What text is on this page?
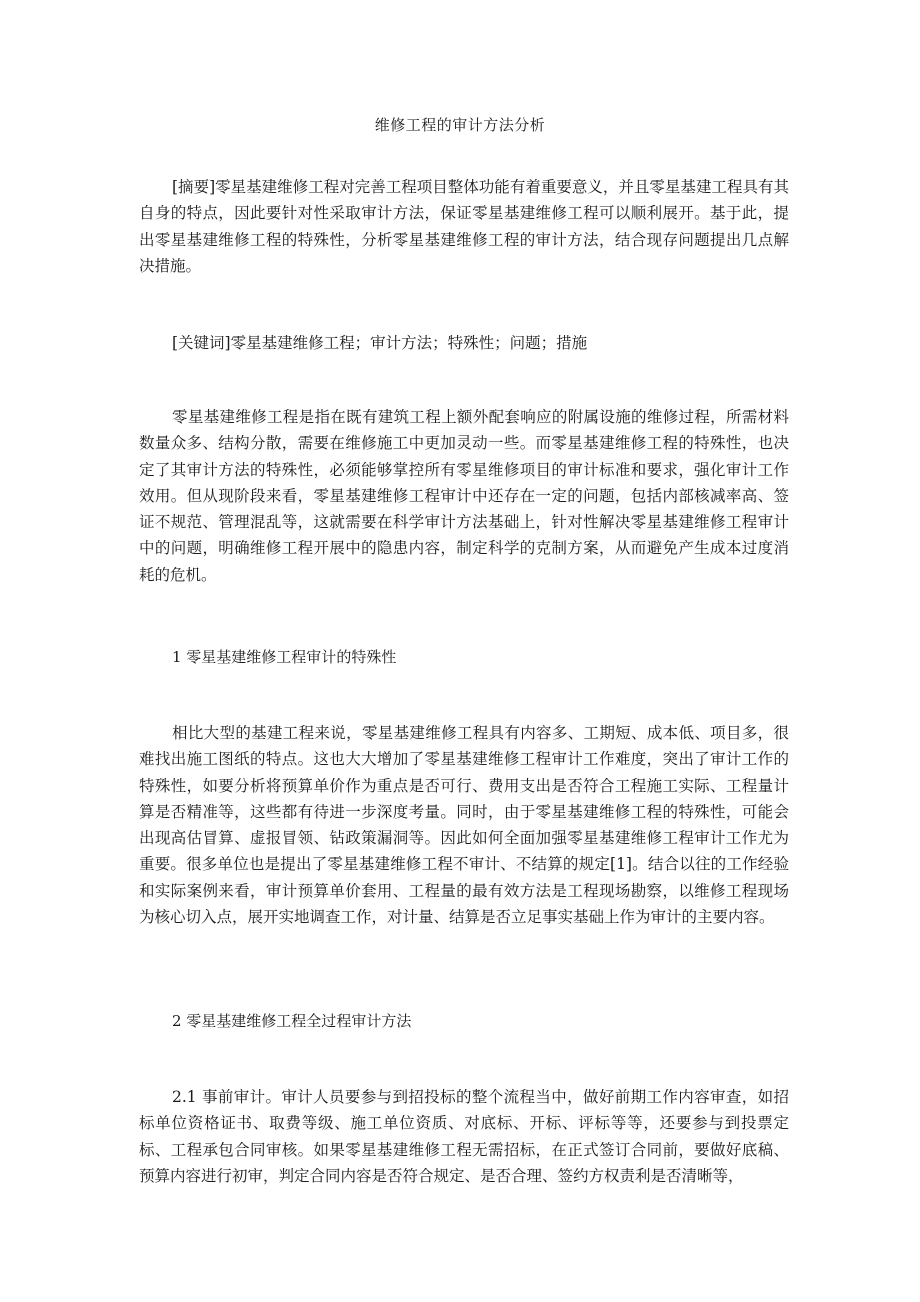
维修工程的审计方法分析

[摘要]零星基建维修工程对完善工程项目整体功能有着重要意义，并且零星基建工程具有其自身的特点，因此要针对性采取审计方法，保证零星基建维修工程可以顺利展开。基于此，提出零星基建维修工程的特殊性，分析零星基建维修工程的审计方法，结合现存问题提出几点解决措施。

[关键词]零星基建维修工程；审计方法；特殊性；问题；措施

零星基建维修工程是指在既有建筑工程上额外配套响应的附属设施的维修过程，所需材料数量众多、结构分散，需要在维修施工中更加灵动一些。而零星基建维修工程的特殊性，也决定了其审计方法的特殊性，必须能够掌控所有零星维修项目的审计标准和要求，强化审计工作效用。但从现阶段来看，零星基建维修工程审计中还存在一定的问题，包括内部核减率高、签证不规范、管理混乱等，这就需要在科学审计方法基础上，针对性解决零星基建维修工程审计中的问题，明确维修工程开展中的隐患内容，制定科学的克制方案，从而避免产生成本过度消耗的危机。

1 零星基建维修工程审计的特殊性

相比大型的基建工程来说，零星基建维修工程具有内容多、工期短、成本低、项目多，很难找出施工图纸的特点。这也大大增加了零星基建维修工程审计工作难度，突出了审计工作的特殊性，如要分析将预算单价作为重点是否可行、费用支出是否符合工程施工实际、工程量计算是否精准等，这些都有待进一步深度考量。同时，由于零星基建维修工程的特殊性，可能会出现高估冒算、虚报冒领、钻政策漏洞等。因此如何全面加强零星基建维修工程审计工作尤为重要。很多单位也是提出了零星基建维修工程不审计、不结算的规定[1]。结合以往的工作经验和实际案例来看，审计预算单价套用、工程量的最有效方法是工程现场勘察，以维修工程现场为核心切入点，展开实地调查工作，对计量、结算是否立足事实基础上作为审计的主要内容。

2 零星基建维修工程全过程审计方法

2.1 事前审计。审计人员要参与到招投标的整个流程当中，做好前期工作内容审查，如招标单位资格证书、取费等级、施工单位资质、对底标、开标、评标等等，还要参与到投票定标、工程承包合同审核。如果零星基建维修工程无需招标，在正式签订合同前，要做好底稿、预算内容进行初审，判定合同内容是否符合规定、是否合理、签约方权责利是否清晰等，
